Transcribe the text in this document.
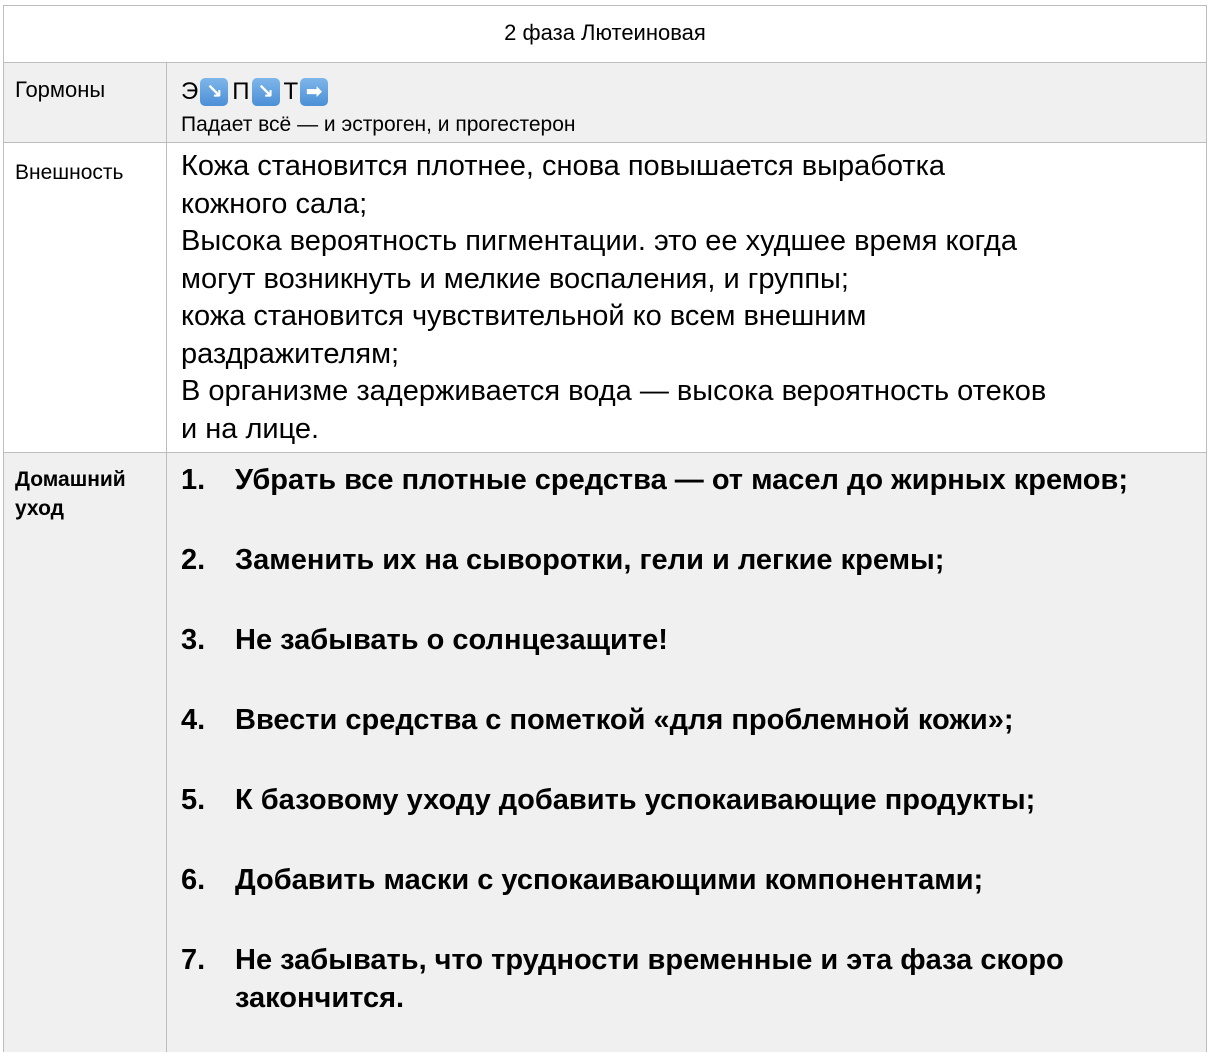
2 фаза Лютеиновая
Гормоны	Э ↘ П ↘ Т ➡
Падает всё — и эстроген, и прогестерон
Внешность	Кожа становится плотнее, снова повышается выработка
кожного сала;
Высока вероятность пигментации. это ее худшее время когда
могут возникнуть и мелкие воспаления, и группы;
кожа становится чувствительной ко всем внешним
раздражителям;
В организме задерживается вода — высока вероятность отеков
и на лице.
Домашний уход
1.	Убрать все плотные средства — от масел до жирных кремов;
2.	Заменить их на сыворотки, гели и легкие кремы;
3.	Не забывать о солнцезащите!
4.	Ввести средства с пометкой «для проблемной кожи»;
5.	К базовому уходу добавить успокаивающие продукты;
6.	Добавить маски с успокаивающими компонентами;
7.	Не забывать, что трудности временные и эта фаза скоро закончится.
